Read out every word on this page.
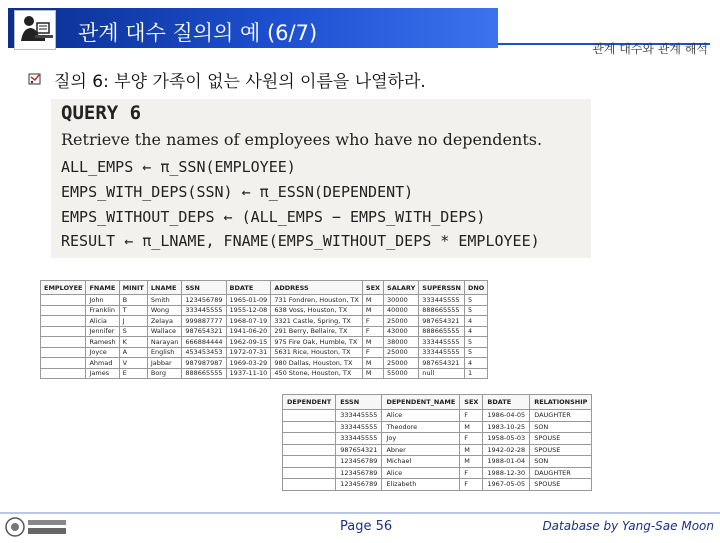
관계 대수 질의의 예 (6/7)
관계 대수와 관계 해석
질의 6: 부양 가족이 없는 사원의 이름을 나열하라.
QUERY 6
Retrieve the names of employees who have no dependents.
ALL_EMPS ← π_SSN(EMPLOYEE)
EMPS_WITH_DEPS(SSN) ← π_ESSN(DEPENDENT)
EMPS_WITHOUT_DEPS ← (ALL_EMPS − EMPS_WITH_DEPS)
RESULT ← π_LNAME, FNAME(EMPS_WITHOUT_DEPS * EMPLOYEE)
EMPLOYEE	FNAME	MINIT	LNAME	SSN	BDATE	ADDRESS	SEX	SALARY	SUPERSSN	DNO
	John	B	Smith	123456789	1965-01-09	731 Fondren, Houston, TX	M	30000	333445555	5
	Franklin	T	Wong	333445555	1955-12-08	638 Voss, Houston, TX	M	40000	888665555	5
	Alicia	J	Zelaya	999887777	1968-07-19	3321 Castle, Spring, TX	F	25000	987654321	4
	Jennifer	S	Wallace	987654321	1941-06-20	291 Berry, Bellaire, TX	F	43000	888665555	4
	Ramesh	K	Narayan	666884444	1962-09-15	975 Fire Oak, Humble, TX	M	38000	333445555	5
	Joyce	A	English	453453453	1972-07-31	5631 Rice, Houston, TX	F	25000	333445555	5
	Ahmad	V	Jabbar	987987987	1969-03-29	980 Dallas, Houston, TX	M	25000	987654321	4
	James	E	Borg	888665555	1937-11-10	450 Stone, Houston, TX	M	55000	null	1
DEPENDENT	ESSN	DEPENDENT_NAME	SEX	BDATE	RELATIONSHIP
	333445555	Alice	F	1986-04-05	DAUGHTER
	333445555	Theodore	M	1983-10-25	SON
	333445555	Joy	F	1958-05-03	SPOUSE
	987654321	Abner	M	1942-02-28	SPOUSE
	123456789	Michael	M	1988-01-04	SON
	123456789	Alice	F	1988-12-30	DAUGHTER
	123456789	Elizabeth	F	1967-05-05	SPOUSE
Page 56	Database by Yang-Sae Moon
